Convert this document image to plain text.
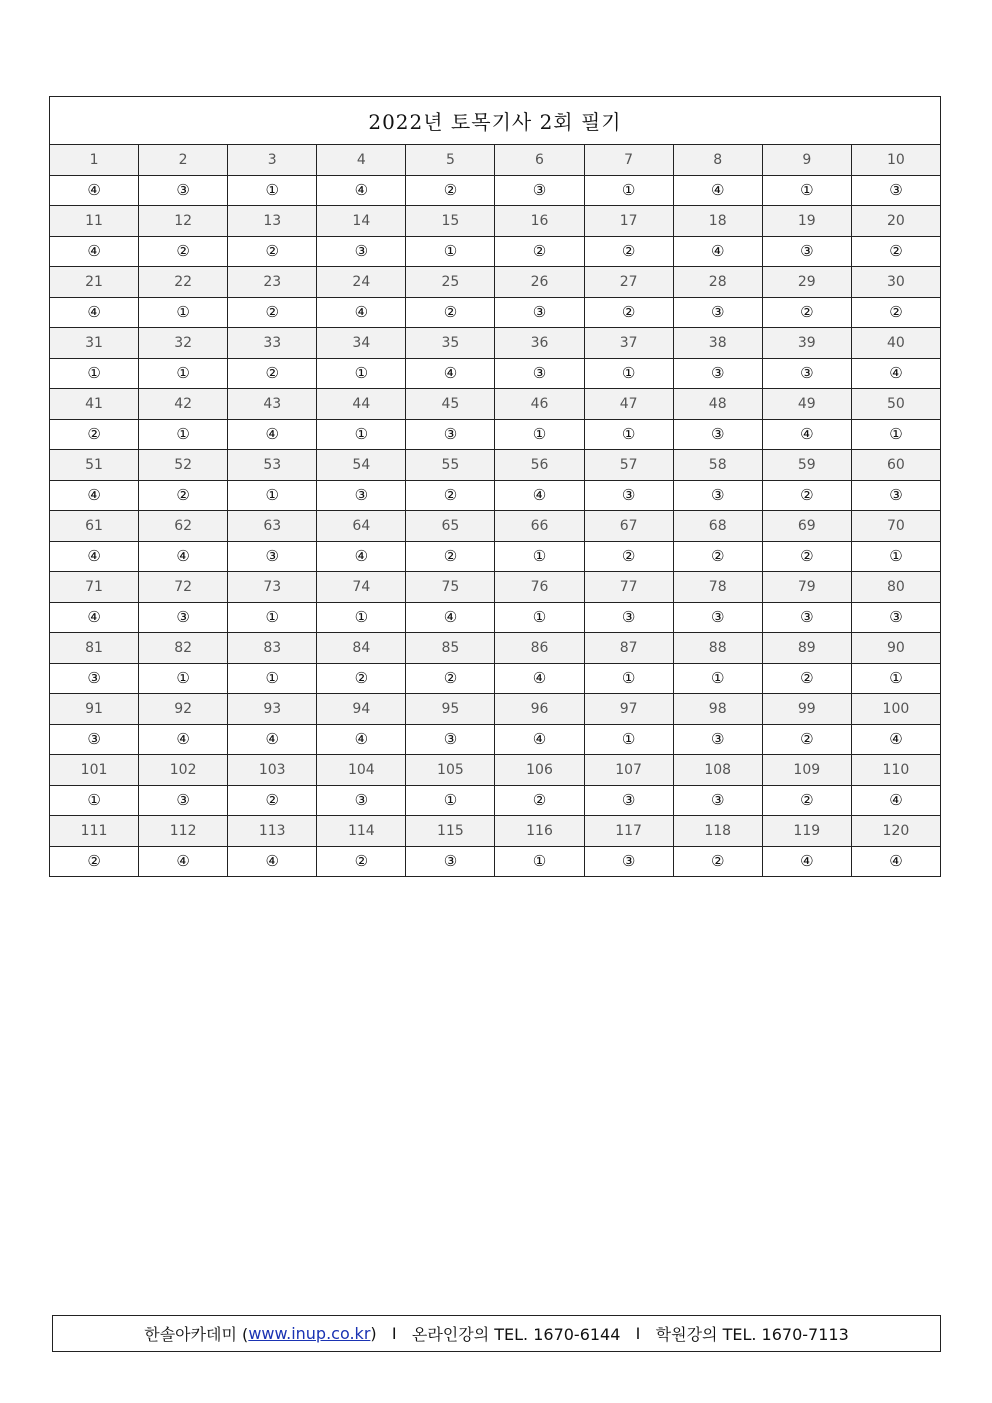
2022년 토목기사 2회 필기									
1	2	3	4	5	6	7	8	9	10
④	③	①	④	②	③	①	④	①	③
11	12	13	14	15	16	17	18	19	20
④	②	②	③	①	②	②	④	③	②
21	22	23	24	25	26	27	28	29	30
④	①	②	④	②	③	②	③	②	②
31	32	33	34	35	36	37	38	39	40
①	①	②	①	④	③	①	③	③	④
41	42	43	44	45	46	47	48	49	50
②	①	④	①	③	①	①	③	④	①
51	52	53	54	55	56	57	58	59	60
④	②	①	③	②	④	③	③	②	③
61	62	63	64	65	66	67	68	69	70
④	④	③	④	②	①	②	②	②	①
71	72	73	74	75	76	77	78	79	80
④	③	①	①	④	①	③	③	③	③
81	82	83	84	85	86	87	88	89	90
③	①	①	②	②	④	①	①	②	①
91	92	93	94	95	96	97	98	99	100
③	④	④	④	③	④	①	③	②	④
101	102	103	104	105	106	107	108	109	110
①	③	②	③	①	②	③	③	②	④
111	112	113	114	115	116	117	118	119	120
②	④	④	②	③	①	③	②	④	④
한솔아카데미 ( www.inup.co.kr ) I 온라인강의 TEL. 1670-6144 I 학원강의 TEL. 1670-7113
